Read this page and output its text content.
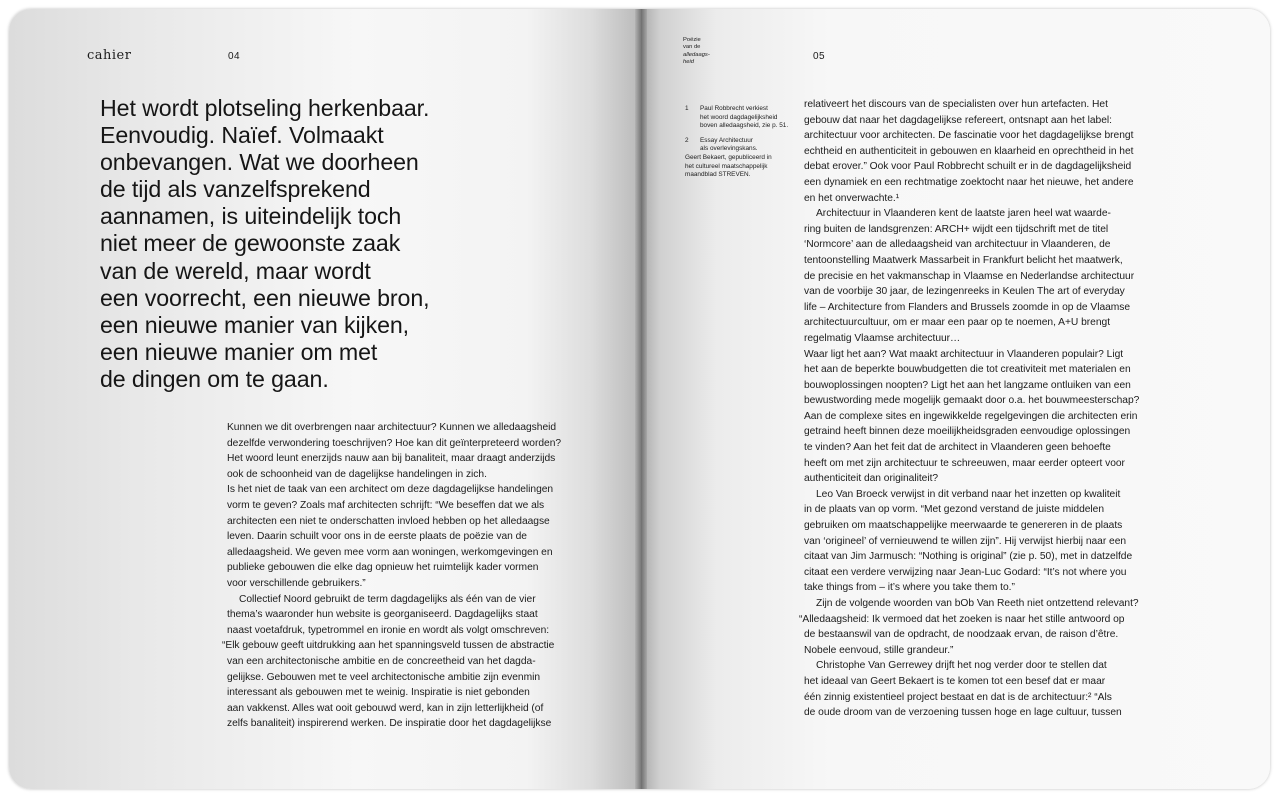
cahier	04
Het wordt plotseling herkenbaar.
Eenvoudig. Naïef. Volmaakt
onbevangen. Wat we doorheen
de tijd als vanzelfsprekend
aannamen, is uiteindelijk toch
niet meer de gewoonste zaak
van de wereld, maar wordt
een voorrecht, een nieuwe bron,
een nieuwe manier van kijken,
een nieuwe manier om met
de dingen om te gaan.
Kunnen we dit overbrengen naar architectuur? Kunnen we alledaagsheid
dezelfde verwondering toeschrijven? Hoe kan dit geïnterpreteerd worden?
Het woord leunt enerzijds nauw aan bij banaliteit, maar draagt anderzijds
ook de schoonheid van de dagelijkse handelingen in zich.
Is het niet de taak van een architect om deze dagdagelijkse handelingen
vorm te geven? Zoals maf architecten schrijft: “We beseffen dat we als
architecten een niet te onderschatten invloed hebben op het alledaagse
leven. Daarin schuilt voor ons in de eerste plaats de poëzie van de
alledaagsheid. We geven mee vorm aan woningen, werkomgevingen en
publieke gebouwen die elke dag opnieuw het ruimtelijk kader vormen
voor verschillende gebruikers.”
Collectief Noord gebruikt de term dagdagelijks als één van de vier
thema’s waaronder hun website is georganiseerd. Dagdagelijks staat
naast voetafdruk, typetrommel en ironie en wordt als volgt omschreven:
“Elk gebouw geeft uitdrukking aan het spanningsveld tussen de abstractie
van een architectonische ambitie en de concreetheid van het dagda-
gelijkse. Gebouwen met te veel architectonische ambitie zijn evenmin
interessant als gebouwen met te weinig. Inspiratie is niet gebonden
aan vakkenst. Alles wat ooit gebouwd werd, kan in zijn letterlijkheid (of
zelfs banaliteit) inspirerend werken. De inspiratie door het dagdagelijkse
Poëzie
van de
alledaags-
heid
05
1 Paul Robbrecht verkiest
het woord dagdagelijksheid
boven alledaagsheid, zie p. 51.
2 Essay Architectuur
als overlevingskans.
Geert Bekaert, gepubliceerd in
het cultureel maatschappelijk
maandblad STREVEN.
relativeert het discours van de specialisten over hun artefacten. Het
gebouw dat naar het dagdagelijkse refereert, ontsnapt aan het label:
architectuur voor architecten. De fascinatie voor het dagdagelijkse brengt
echtheid en authenticiteit in gebouwen en klaarheid en oprechtheid in het
debat erover.” Ook voor Paul Robbrecht schuilt er in de dagdagelijksheid
een dynamiek en een rechtmatige zoektocht naar het nieuwe, het andere
en het onverwachte.¹
Architectuur in Vlaanderen kent de laatste jaren heel wat waarde-
ring buiten de landsgrenzen: ARCH+ wijdt een tijdschrift met de titel
‘Normcore’ aan de alledaagsheid van architectuur in Vlaanderen, de
tentoonstelling Maatwerk Massarbeit in Frankfurt belicht het maatwerk,
de precisie en het vakmanschap in Vlaamse en Nederlandse architectuur
van de voorbije 30 jaar, de lezingenreeks in Keulen The art of everyday
life – Architecture from Flanders and Brussels zoomde in op de Vlaamse
architectuurcultuur, om er maar een paar op te noemen, A+U brengt
regelmatig Vlaamse architectuur…
Waar ligt het aan? Wat maakt architectuur in Vlaanderen populair? Ligt
het aan de beperkte bouwbudgetten die tot creativiteit met materialen en
bouwoplossingen noopten? Ligt het aan het langzame ontluiken van een
bewustwording mede mogelijk gemaakt door o.a. het bouwmeesterschap?
Aan de complexe sites en ingewikkelde regelgevingen die architecten erin
getraind heeft binnen deze moeilijkheidsgraden eenvoudige oplossingen
te vinden? Aan het feit dat de architect in Vlaanderen geen behoefte
heeft om met zijn architectuur te schreeuwen, maar eerder opteert voor
authenticiteit dan originaliteit?
Leo Van Broeck verwijst in dit verband naar het inzetten op kwaliteit
in de plaats van op vorm. “Met gezond verstand de juiste middelen
gebruiken om maatschappelijke meerwaarde te genereren in de plaats
van ‘origineel’ of vernieuwend te willen zijn”. Hij verwijst hierbij naar een
citaat van Jim Jarmusch: “Nothing is original” (zie p. 50), met in datzelfde
citaat een verdere verwijzing naar Jean-Luc Godard: “It’s not where you
take things from – it’s where you take them to.”
Zijn de volgende woorden van bOb Van Reeth niet ontzettend relevant?
“Alledaagsheid: Ik vermoed dat het zoeken is naar het stille antwoord op
de bestaanswil van de opdracht, de noodzaak ervan, de raison d’être.
Nobele eenvoud, stille grandeur.”
Christophe Van Gerrewey drijft het nog verder door te stellen dat
het ideaal van Geert Bekaert is te komen tot een besef dat er maar
één zinnig existentieel project bestaat en dat is de architectuur:² “Als
de oude droom van de verzoening tussen hoge en lage cultuur, tussen
